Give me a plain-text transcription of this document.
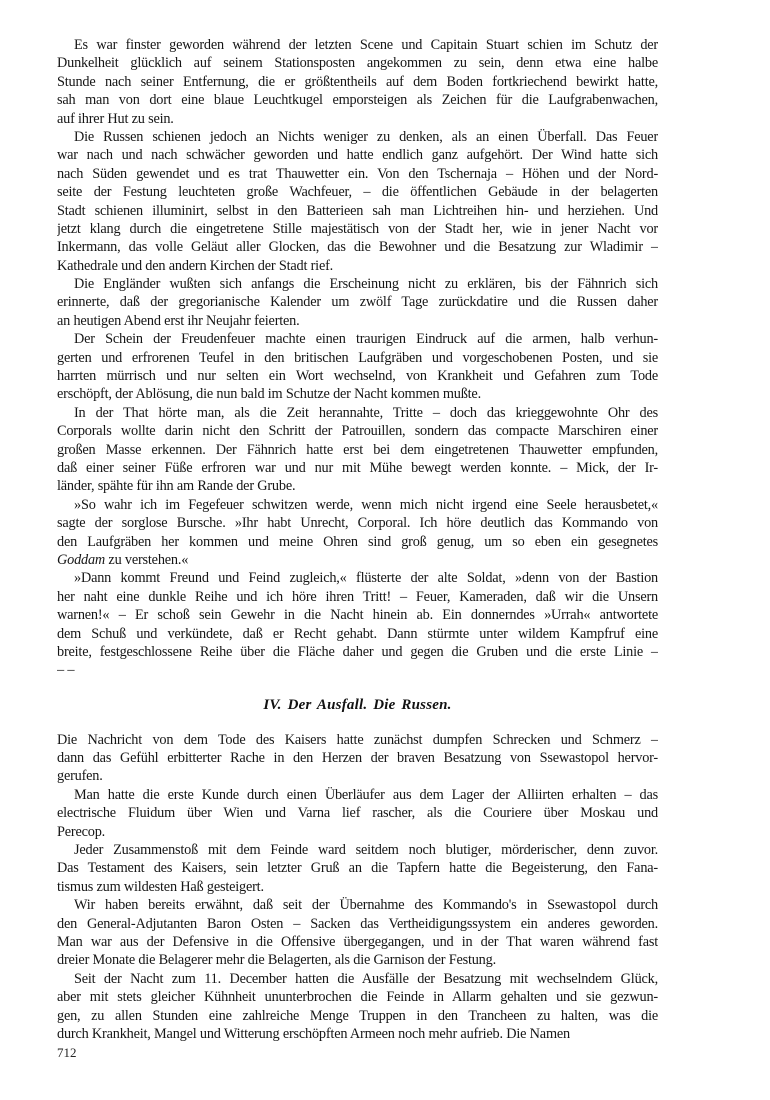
Es war finster geworden während der letzten Scene und Capitain Stuart schien im Schutz der
Dunkelheit glücklich auf seinem Stationsposten angekommen zu sein, denn etwa eine halbe
Stunde nach seiner Entfernung, die er größtentheils auf dem Boden fortkriechend bewirkt hatte,
sah man von dort eine blaue Leuchtkugel emporsteigen als Zeichen für die Laufgrabenwachen,
auf ihrer Hut zu sein.
Die Russen schienen jedoch an Nichts weniger zu denken, als an einen Überfall. Das Feuer
war nach und nach schwächer geworden und hatte endlich ganz aufgehört. Der Wind hatte sich
nach Süden gewendet und es trat Thauwetter ein. Von den Tschernaja – Höhen und der Nord-
seite der Festung leuchteten große Wachfeuer, – die öffentlichen Gebäude in der belagerten
Stadt schienen illuminirt, selbst in den Batterieen sah man Lichtreihen hin- und herziehen. Und
jetzt klang durch die eingetretene Stille majestätisch von der Stadt her, wie in jener Nacht vor
Inkermann, das volle Geläut aller Glocken, das die Bewohner und die Besatzung zur Wladimir –
Kathedrale und den andern Kirchen der Stadt rief.
Die Engländer wußten sich anfangs die Erscheinung nicht zu erklären, bis der Fähnrich sich
erinnerte, daß der gregorianische Kalender um zwölf Tage zurückdatire und die Russen daher
an heutigen Abend erst ihr Neujahr feierten.
Der Schein der Freudenfeuer machte einen traurigen Eindruck auf die armen, halb verhun-
gerten und erfrorenen Teufel in den britischen Laufgräben und vorgeschobenen Posten, und sie
harrten mürrisch und nur selten ein Wort wechselnd, von Krankheit und Gefahren zum Tode
erschöpft, der Ablösung, die nun bald im Schutze der Nacht kommen mußte.
In der That hörte man, als die Zeit herannahte, Tritte – doch das krieggewohnte Ohr des
Corporals wollte darin nicht den Schritt der Patrouillen, sondern das compacte Marschiren einer
großen Masse erkennen. Der Fähnrich hatte erst bei dem eingetretenen Thauwetter empfunden,
daß einer seiner Füße erfroren war und nur mit Mühe bewegt werden konnte. – Mick, der Ir-
länder, spähte für ihn am Rande der Grube.
»So wahr ich im Fegefeuer schwitzen werde, wenn mich nicht irgend eine Seele herausbetet,«
sagte der sorglose Bursche. »Ihr habt Unrecht, Corporal. Ich höre deutlich das Kommando von
den Laufgräben her kommen und meine Ohren sind groß genug, um so eben ein gesegnetes
Goddam zu verstehen.«
»Dann kommt Freund und Feind zugleich,« flüsterte der alte Soldat, »denn von der Bastion
her naht eine dunkle Reihe und ich höre ihren Tritt! – Feuer, Kameraden, daß wir die Unsern
warnen!« – Er schoß sein Gewehr in die Nacht hinein ab. Ein donnerndes »Urrah« antwortete
dem Schuß und verkündete, daß er Recht gehabt. Dann stürmte unter wildem Kampfruf eine
breite, festgeschlossene Reihe über die Fläche daher und gegen die Gruben und die erste Linie –
– –
IV. Der Ausfall. Die Russen.
Die Nachricht von dem Tode des Kaisers hatte zunächst dumpfen Schrecken und Schmerz –
dann das Gefühl erbitterter Rache in den Herzen der braven Besatzung von Ssewastopol hervor-
gerufen.
Man hatte die erste Kunde durch einen Überläufer aus dem Lager der Alliirten erhalten – das
electrische Fluidum über Wien und Varna lief rascher, als die Couriere über Moskau und
Perecop.
Jeder Zusammenstoß mit dem Feinde ward seitdem noch blutiger, mörderischer, denn zuvor.
Das Testament des Kaisers, sein letzter Gruß an die Tapfern hatte die Begeisterung, den Fana-
tismus zum wildesten Haß gesteigert.
Wir haben bereits erwähnt, daß seit der Übernahme des Kommando's in Ssewastopol durch
den General-Adjutanten Baron Osten – Sacken das Vertheidigungssystem ein anderes geworden.
Man war aus der Defensive in die Offensive übergegangen, und in der That waren während fast
dreier Monate die Belagerer mehr die Belagerten, als die Garnison der Festung.
Seit der Nacht zum 11. December hatten die Ausfälle der Besatzung mit wechselndem Glück,
aber mit stets gleicher Kühnheit ununterbrochen die Feinde in Allarm gehalten und sie gezwun-
gen, zu allen Stunden eine zahlreiche Menge Truppen in den Trancheen zu halten, was die
durch Krankheit, Mangel und Witterung erschöpften Armeen noch mehr aufrieb. Die Namen
712
